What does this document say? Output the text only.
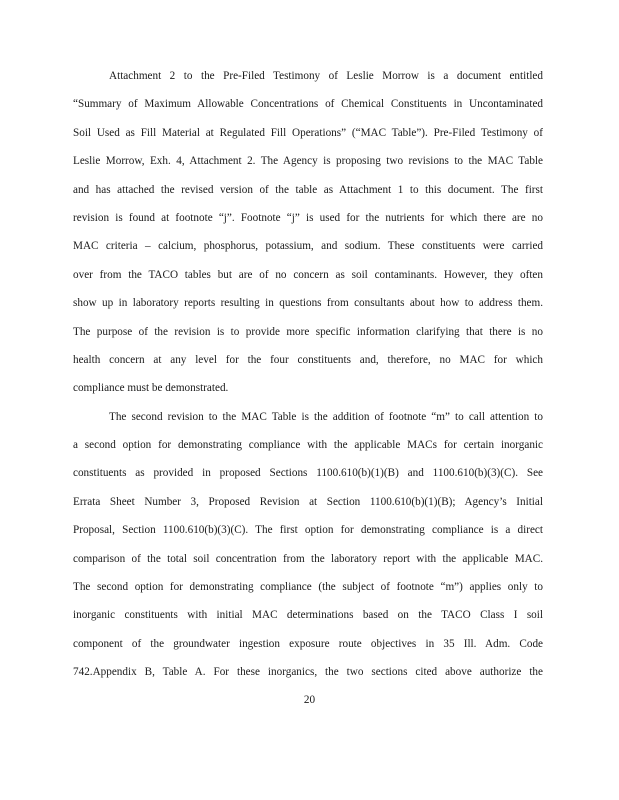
Attachment 2 to the Pre-Filed Testimony of Leslie Morrow is a document entitled
“Summary of Maximum Allowable Concentrations of Chemical Constituents in Uncontaminated
Soil Used as Fill Material at Regulated Fill Operations” (“MAC Table”). Pre-Filed Testimony of
Leslie Morrow, Exh. 4, Attachment 2. The Agency is proposing two revisions to the MAC Table
and has attached the revised version of the table as Attachment 1 to this document. The first
revision is found at footnote “j”. Footnote “j” is used for the nutrients for which there are no
MAC criteria – calcium, phosphorus, potassium, and sodium. These constituents were carried
over from the TACO tables but are of no concern as soil contaminants. However, they often
show up in laboratory reports resulting in questions from consultants about how to address them.
The purpose of the revision is to provide more specific information clarifying that there is no
health concern at any level for the four constituents and, therefore, no MAC for which
compliance must be demonstrated.

The second revision to the MAC Table is the addition of footnote “m” to call attention to
a second option for demonstrating compliance with the applicable MACs for certain inorganic
constituents as provided in proposed Sections 1100.610(b)(1)(B) and 1100.610(b)(3)(C). See
Errata Sheet Number 3, Proposed Revision at Section 1100.610(b)(1)(B); Agency’s Initial
Proposal, Section 1100.610(b)(3)(C). The first option for demonstrating compliance is a direct
comparison of the total soil concentration from the laboratory report with the applicable MAC.
The second option for demonstrating compliance (the subject of footnote “m”) applies only to
inorganic constituents with initial MAC determinations based on the TACO Class I soil
component of the groundwater ingestion exposure route objectives in 35 Ill. Adm. Code
742.Appendix B, Table A. For these inorganics, the two sections cited above authorize the

20
